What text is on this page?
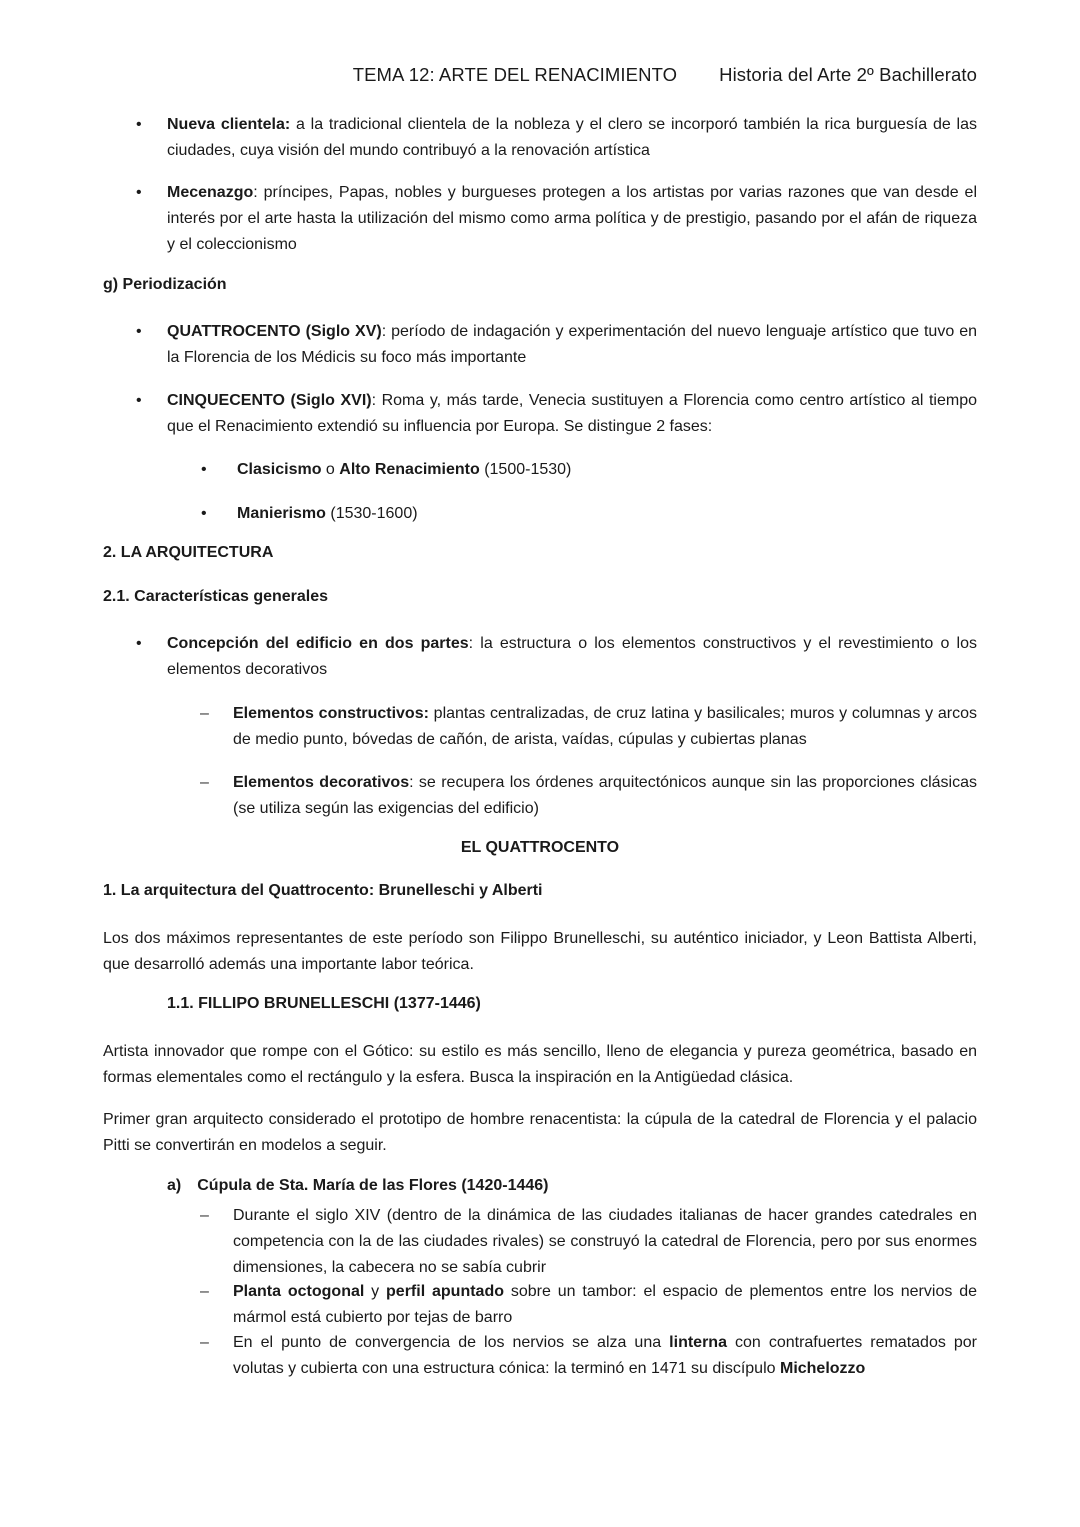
TEMA 12: ARTE DEL RENACIMIENTO Historia del Arte 2º Bachillerato
• Nueva clientela: a la tradicional clientela de la nobleza y el clero se incorporó también la rica burguesía de las ciudades, cuya visión del mundo contribuyó a la renovación artística
• Mecenazgo: príncipes, Papas, nobles y burgueses protegen a los artistas por varias razones que van desde el interés por el arte hasta la utilización del mismo como arma política y de prestigio, pasando por el afán de riqueza y el coleccionismo
g) Periodización
• QUATTROCENTO (Siglo XV): período de indagación y experimentación del nuevo lenguaje artístico que tuvo en la Florencia de los Médicis su foco más importante
• CINQUECENTO (Siglo XVI): Roma y, más tarde, Venecia sustituyen a Florencia como centro artístico al tiempo que el Renacimiento extendió su influencia por Europa. Se distingue 2 fases:
• Clasicismo o Alto Renacimiento (1500-1530)
• Manierismo (1530-1600)
2. LA ARQUITECTURA
2.1. Características generales
• Concepción del edificio en dos partes: la estructura o los elementos constructivos y el revestimiento o los elementos decorativos
– Elementos constructivos: plantas centralizadas, de cruz latina y basilicales; muros y columnas y arcos de medio punto, bóvedas de cañón, de arista, vaídas, cúpulas y cubiertas planas
– Elementos decorativos: se recupera los órdenes arquitectónicos aunque sin las proporciones clásicas (se utiliza según las exigencias del edificio)
EL QUATTROCENTO
1. La arquitectura del Quattrocento: Brunelleschi y Alberti
Los dos máximos representantes de este período son Filippo Brunelleschi, su auténtico iniciador, y Leon Battista Alberti, que desarrolló además una importante labor teórica.
1.1. FILLIPO BRUNELLESCHI (1377-1446)
Artista innovador que rompe con el Gótico: su estilo es más sencillo, lleno de elegancia y pureza geométrica, basado en formas elementales como el rectángulo y la esfera. Busca la inspiración en la Antigüedad clásica.
Primer gran arquitecto considerado el prototipo de hombre renacentista: la cúpula de la catedral de Florencia y el palacio Pitti se convertirán en modelos a seguir.
a) Cúpula de Sta. María de las Flores (1420-1446)
– Durante el siglo XIV (dentro de la dinámica de las ciudades italianas de hacer grandes catedrales en competencia con la de las ciudades rivales) se construyó la catedral de Florencia, pero por sus enormes dimensiones, la cabecera no se sabía cubrir
– Planta octogonal y perfil apuntado sobre un tambor: el espacio de plementos entre los nervios de mármol está cubierto por tejas de barro
– En el punto de convergencia de los nervios se alza una linterna con contrafuertes rematados por volutas y cubierta con una estructura cónica: la terminó en 1471 su discípulo Michelozzo
